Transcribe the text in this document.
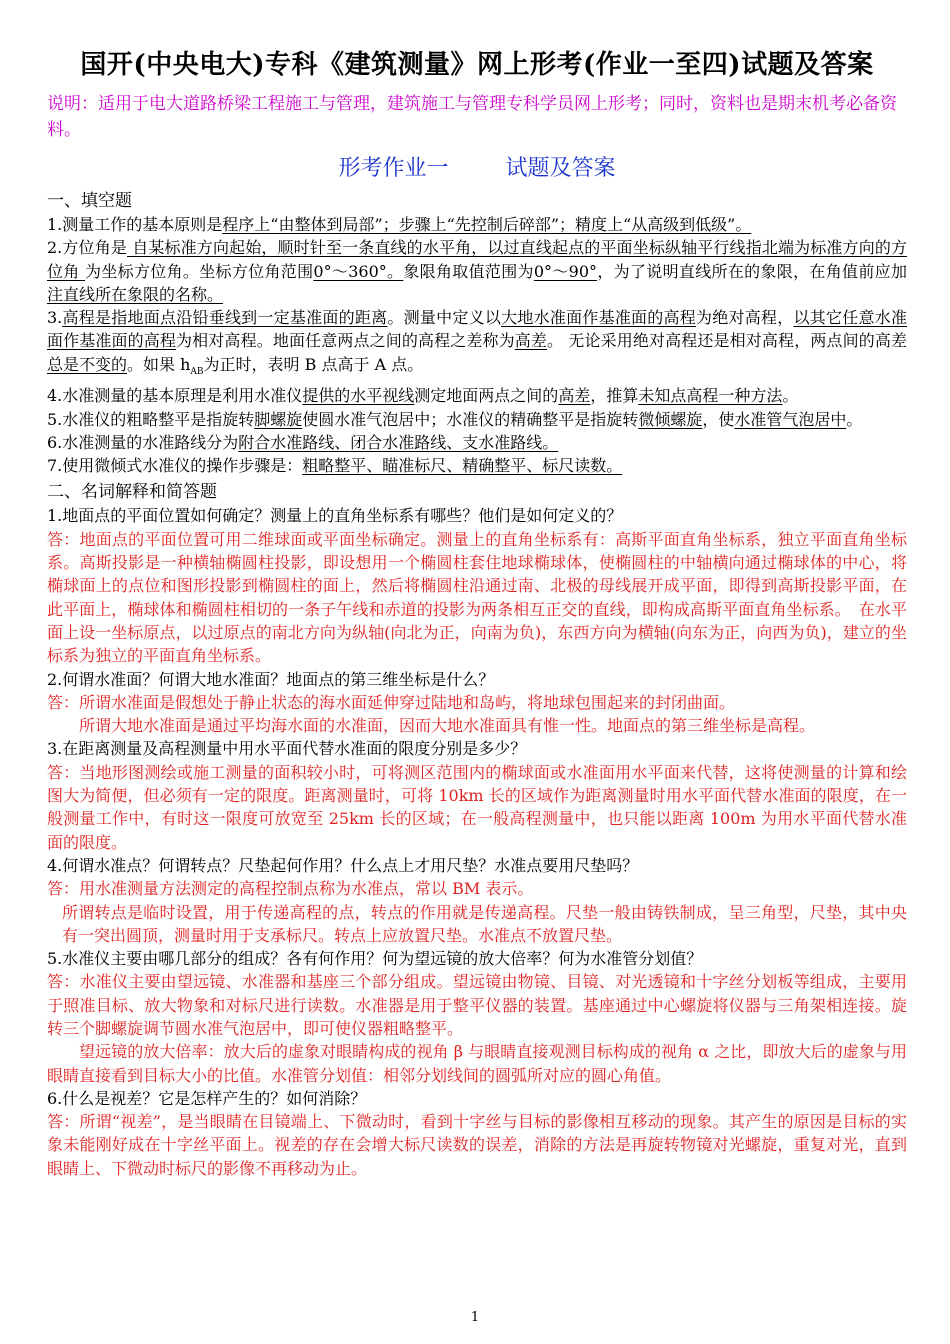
国开(中央电大)专科《建筑测量》网上形考(作业一至四)试题及答案

说明：适用于电大道路桥梁工程施工与管理，建筑施工与管理专科学员网上形考；同时，资料也是期末机考必备资料。

形考作业一	试题及答案
一、填空题

1.测量工作的基本原则是程序上“由整体到局部”；步骤上“先控制后碎部”；精度上“从高级到低级”。

2.方位角是 自某标准方向起始，顺时针至一条直线的水平角，以过直线起点的平面坐标纵轴平行线指北端为标准方向的方位角 为坐标方位角。坐标方位角范围0°～360°。象限角取值范围为0°～90°，为了说明直线所在的象限，在角值前应加注直线所在象限的名称。

3.高程是指地面点沿铅垂线到一定基准面的距离。测量中定义以大地水准面作基准面的高程为绝对高程，以其它任意水准面作基准面的高程为相对高程。地面任意两点之间的高程之差称为高差。 无论采用绝对高程还是相对高程，两点间的高差总是不变的。如果 $h_{AB}$为正时，表明 B 点高于 A 点。

4.水准测量的基本原理是利用水准仪提供的水平视线测定地面两点之间的高差，推算未知点高程一种方法。

5.水准仪的粗略整平是指旋转脚螺旋使圆水准气泡居中；水准仪的精确整平是指旋转微倾螺旋，使水准管气泡居中。

6.水准测量的水准路线分为附合水准路线、闭合水准路线、支水准路线。

7.使用微倾式水准仪的操作步骤是：粗略整平、瞄准标尺、精确整平、标尺读数。

二、名词解释和简答题

1.地面点的平面位置如何确定？测量上的直角坐标系有哪些？他们是如何定义的？

答：地面点的平面位置可用二维球面或平面坐标确定。测量上的直角坐标系有：高斯平面直角坐标系，独立平面直角坐标系。高斯投影是一种横轴椭圆柱投影，即设想用一个椭圆柱套住地球椭球体，使椭圆柱的中轴横向通过椭球体的中心，将椭球面上的点位和图形投影到椭圆柱的面上，然后将椭圆柱沿通过南、北极的母线展开成平面，即得到高斯投影平面，在此平面上，椭球体和椭圆柱相切的一条子午线和赤道的投影为两条相互正交的直线，即构成高斯平面直角坐标系。　在水平面上设一坐标原点，以过原点的南北方向为纵轴(向北为正，向南为负)，东西方向为横轴(向东为正，向西为负)，建立的坐标系为独立的平面直角坐标系。

2.何谓水准面？何谓大地水准面？地面点的第三维坐标是什么？

答：所谓水准面是假想处于静止状态的海水面延伸穿过陆地和岛屿，将地球包围起来的封闭曲面。

所谓大地水准面是通过平均海水面的水准面，因而大地水准面具有惟一性。地面点的第三维坐标是高程。

3.在距离测量及高程测量中用水平面代替水准面的限度分别是多少？

答：当地形图测绘或施工测量的面积较小时，可将测区范围内的椭球面或水准面用水平面来代替，这将使测量的计算和绘图大为简便，但必须有一定的限度。距离测量时，可将 10km 长的区域作为距离测量时用水平面代替水准面的限度，在一般测量工作中，有时这一限度可放宽至 25km 长的区域；在一般高程测量中，也只能以距离 100m 为用水平面代替水准面的限度。

4.何谓水准点？何谓转点？尺垫起何作用？什么点上才用尺垫？水准点要用尺垫吗？

答：用水准测量方法测定的高程控制点称为水准点，常以 BM 表示。

所谓转点是临时设置，用于传递高程的点，转点的作用就是传递高程。尺垫一般由铸铁制成，呈三角型，尺垫，其中央有一突出圆顶，测量时用于支承标尺。转点上应放置尺垫。水准点不放置尺垫。

5.水准仪主要由哪几部分的组成？各有何作用？何为望远镜的放大倍率？何为水准管分划值？

答：水准仪主要由望远镜、水准器和基座三个部分组成。望远镜由物镜、目镜、对光透镜和十字丝分划板等组成，主要用于照准目标、放大物象和对标尺进行读数。水准器是用于整平仪器的装置。基座通过中心螺旋将仪器与三角架相连接。旋转三个脚螺旋调节圆水准气泡居中，即可使仪器粗略整平。

望远镜的放大倍率：放大后的虚象对眼睛构成的视角 β 与眼睛直接观测目标构成的视角 α 之比，即放大后的虚象与用眼睛直接看到目标大小的比值。水准管分划值：相邻分划线间的圆弧所对应的圆心角值。

6.什么是视差？它是怎样产生的？如何消除？

答：所谓“视差”，是当眼睛在目镜端上、下微动时，看到十字丝与目标的影像相互移动的现象。其产生的原因是目标的实象未能刚好成在十字丝平面上。视差的存在会增大标尺读数的误差，消除的方法是再旋转物镜对光螺旋，重复对光，直到眼睛上、下微动时标尺的影像不再移动为止。

1
